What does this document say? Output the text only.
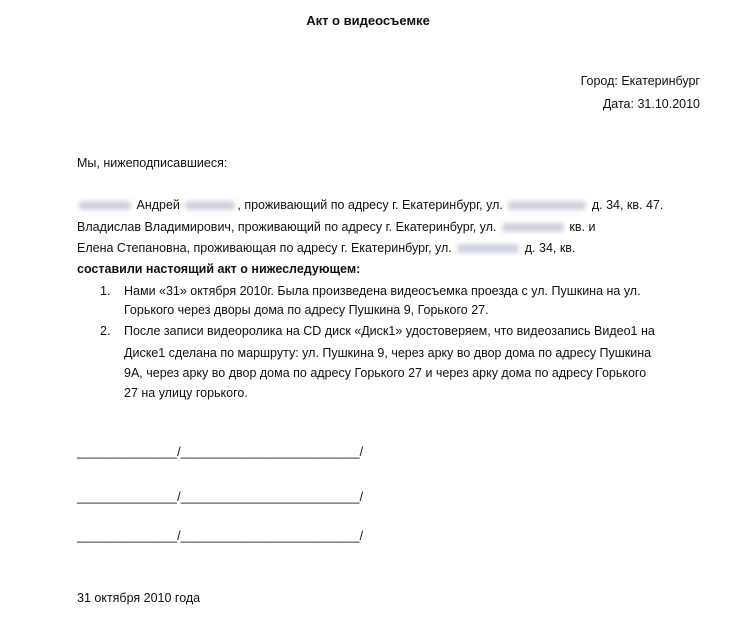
Акт о видеосъемке
Город: Екатеринбург
Дата: 31.10.2010
Мы, нижеподписавшиеся:
Андрей	, проживающий по адресу г. Екатеринбург, ул.	д. 34, кв. 47.
Владислав Владимирович, проживающий по адресу г. Екатеринбург, ул.	кв. и
Елена Степановна, проживающая по адресу г. Екатеринбург, ул.	д. 34, кв.
составили настоящий акт о нижеследующем:
1. Нами «31» октября 2010г. Была произведена видеосъемка проезда с ул. Пушкина на ул.
Горького через дворы дома по адресу Пушкина 9, Горького 27.
2. После записи видеоролика на CD диск «Диск1» удостоверяем, что видеозапись Видео1 на
Диске1 сделана по маршруту: ул. Пушкина 9, через арку во двор дома по адресу Пушкина
9А, через арку во двор дома по адресу Горького 27 и через арку дома по адресу Горького
27 на улицу горького.
______________/_________________________/
______________/_________________________/
______________/_________________________/
31 октября 2010 года
